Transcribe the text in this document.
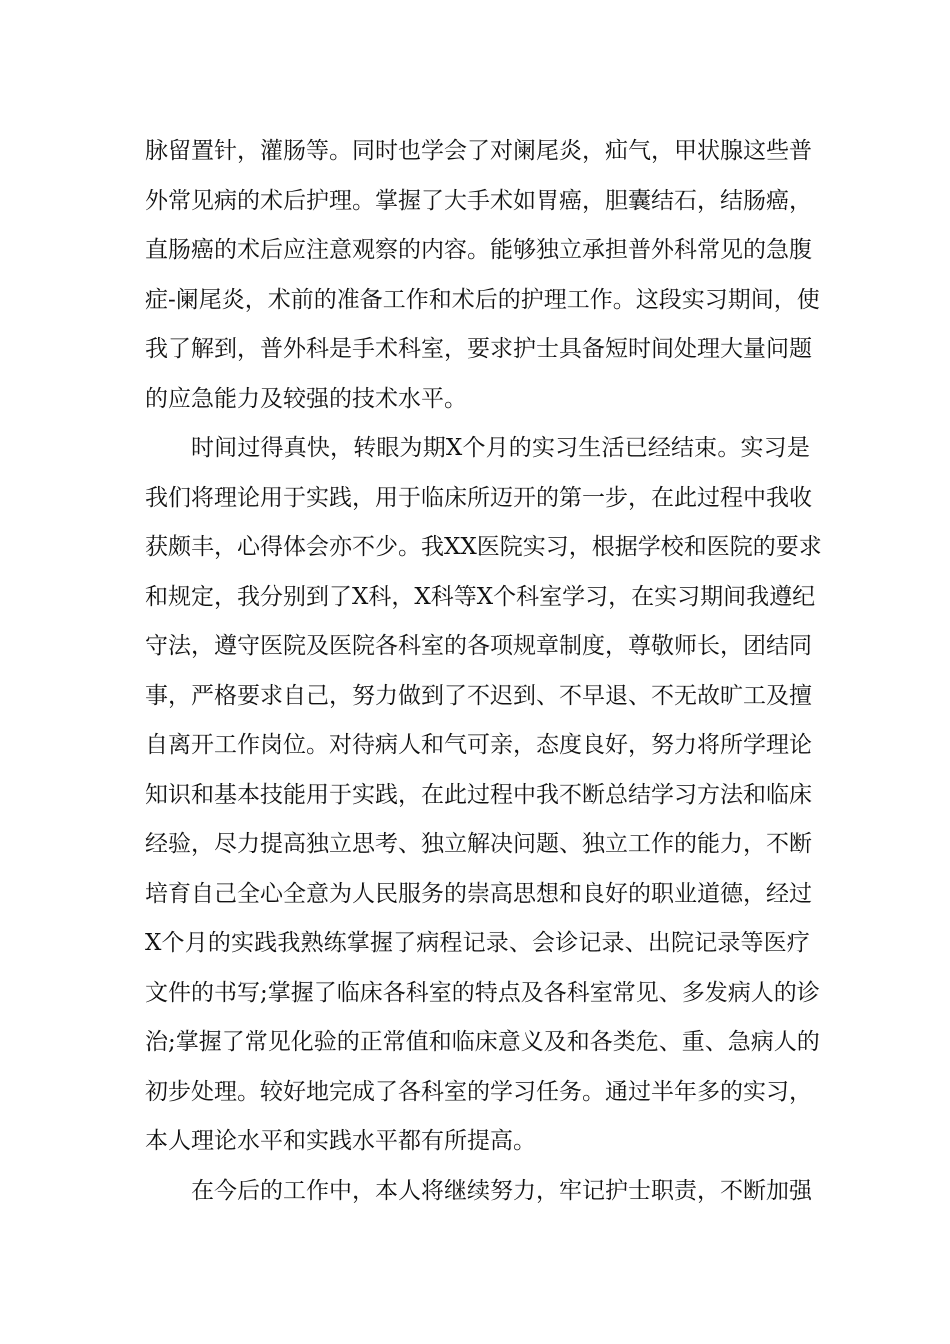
脉 留 置 针 ， 灌 肠 等 。 同 时 也 学 会 了 对 阑 尾 炎 ， 疝 气 ， 甲 状 腺 这 些 普
外 常 见 病 的 术 后 护 理 。 掌 握 了 大 手 术 如 胃 癌 ， 胆 囊 结 石 ， 结 肠 癌 ，
直 肠 癌 的 术 后 应 注 意 观 察 的 内 容 。 能 够 独 立 承 担 普 外 科 常 见 的 急 腹
症 - 阑 尾 炎 ， 术 前 的 准 备 工 作 和 术 后 的 护 理 工 作 。 这 段 实 习 期 间 ， 使
我 了 解 到 ， 普 外 科 是 手 术 科 室 ， 要 求 护 士 具 备 短 时 间 处 理 大 量 问 题
的应急能力及较强的技术水平。
时 间 过 得 真 快 ， 转 眼 为 期 X 个 月 的 实 习 生 活 已 经 结 束 。 实 习 是
我 们 将 理 论 用 于 实 践 ， 用 于 临 床 所 迈 开 的 第 一 步 ， 在 此 过 程 中 我 收
获 颇 丰 ， 心 得 体 会 亦 不 少 。 我 X X 医 院 实 习 ， 根 据 学 校 和 医 院 的 要 求
和 规 定 ， 我 分 别 到 了 X 科 ， X 科 等 X 个 科 室 学 习 ， 在 实 习 期 间 我 遵 纪
守 法 ， 遵 守 医 院 及 医 院 各 科 室 的 各 项 规 章 制 度 ， 尊 敬 师 长 ， 团 结 同
事 ， 严 格 要 求 自 己 ， 努 力 做 到 了 不 迟 到 、 不 早 退 、 不 无 故 旷 工 及 擅
自 离 开 工 作 岗 位 。 对 待 病 人 和 气 可 亲 ， 态 度 良 好 ， 努 力 将 所 学 理 论
知 识 和 基 本 技 能 用 于 实 践 ， 在 此 过 程 中 我 不 断 总 结 学 习 方 法 和 临 床
经 验 ， 尽 力 提 高 独 立 思 考 、 独 立 解 决 问 题 、 独 立 工 作 的 能 力 ， 不 断
培 育 自 己 全 心 全 意 为 人 民 服 务 的 崇 高 思 想 和 良 好 的 职 业 道 德 ， 经 过
X 个 月 的 实 践 我 熟 练 掌 握 了 病 程 记 录 、 会 诊 记 录 、 出 院 记 录 等 医 疗
文 件 的 书 写 ; 掌 握 了 临 床 各 科 室 的 特 点 及 各 科 室 常 见 、 多 发 病 人 的 诊
治 ; 掌 握 了 常 见 化 验 的 正 常 值 和 临 床 意 义 及 和 各 类 危 、 重 、 急 病 人 的
初 步 处 理 。 较 好 地 完 成 了 各 科 室 的 学 习 任 务 。 通 过 半 年 多 的 实 习 ，
本人理论水平和实践水平都有所提高。
在 今 后 的 工 作 中 ， 本 人 将 继 续 努 力 ， 牢 记 护 士 职 责 ， 不 断 加 强
